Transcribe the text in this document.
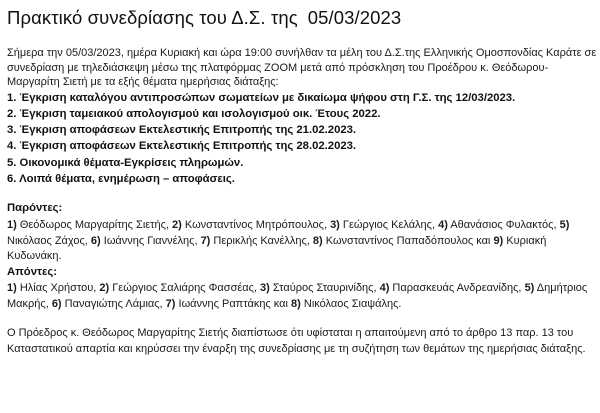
Πρακτικό συνεδρίασης του Δ.Σ. της 05/03/2023

Σήμερα την 05/03/2023, ημέρα Κυριακή και ώρα 19:00 συνήλθαν τα μέλη του Δ.Σ.της Ελληνικής Ομοσπονδίας Καράτε σε συνεδρίαση με τηλεδιάσκεψη μέσω της πλατφόρμας ZOOM μετά από πρόσκληση του Προέδρου κ. Θεόδωρου-Μαργαρίτη Σιετή με τα εξής θέματα ημερήσιας διάταξης:

1. Έγκριση καταλόγου αντιπροσώπων σωματείων με δικαίωμα ψήφου στη Γ.Σ. της 12/03/2023.
2. Έγκριση ταμειακού απολογισμού και ισολογισμού οικ. Έτους 2022.
3. Έγκριση αποφάσεων Εκτελεστικής Επιτροπής της 21.02.2023.
4. Έγκριση αποφάσεων Εκτελεστικής Επιτροπής της 28.02.2023.
5. Οικονομικά θέματα-Εγκρίσεις πληρωμών.
6. Λοιπά θέματα, ενημέρωση – αποφάσεις.

Παρόντες:

1) Θεόδωρος Μαργαρίτης Σιετής, 2) Κωνσταντίνος Μητρόπουλος, 3) Γεώργιος Κελάλης, 4) Αθανάσιος Φυλακτός, 5) Νικόλαος Ζάχος, 6) Ιωάννης Γιαννέλης, 7) Περικλής Κανέλλης, 8) Κωνσταντίνος Παπαδόπουλος και 9) Κυριακή Κυδωνάκη.

Απόντες:

1) Ηλίας Χρήστου, 2) Γεώργιος Σαλιάρης Φασσέας, 3) Σταύρος Σταυρινίδης, 4) Παρασκευάς Ανδρεανίδης, 5) Δημήτριος Μακρής, 6) Παναγιώτης Λάμιας, 7) Ιωάννης Ραπτάκης και 8) Νικόλαος Σιαψάλης.

Ο Πρόεδρος κ. Θεόδωρος Μαργαρίτης Σιετής διαπίστωσε ότι υφίσταται η απαιτούμενη από το άρθρο 13 παρ. 13 του Καταστατικού απαρτία και κηρύσσει την έναρξη της συνεδρίασης με τη συζήτηση των θεμάτων της ημερήσιας διάταξης.
